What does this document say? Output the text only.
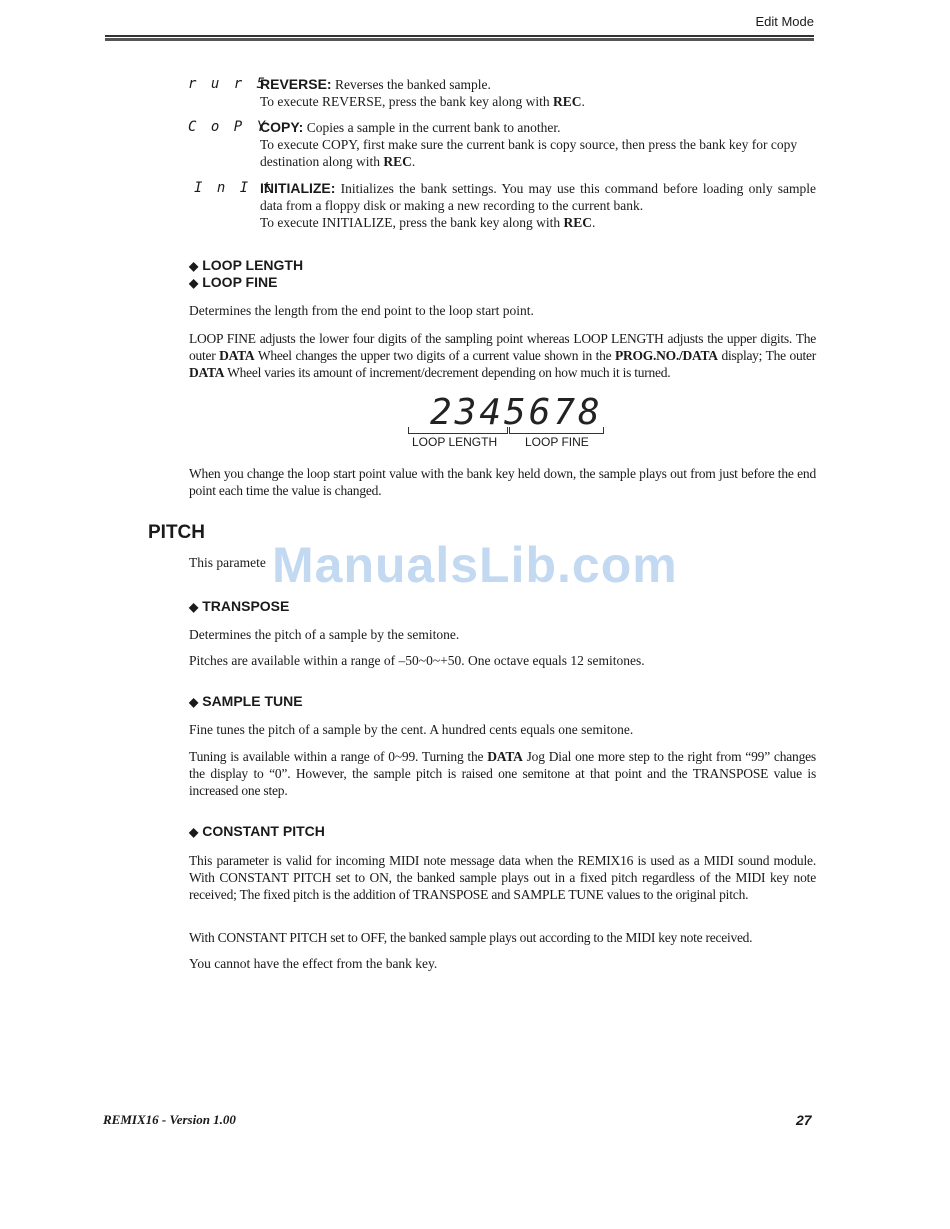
Edit Mode
r u r 5
REVERSE: Reverses the banked sample.
To execute REVERSE, press the bank key along with REC.
C o P Y
COPY: Copies a sample in the current bank to another.
To execute COPY, first make sure the current bank is copy source, then press the bank key for copy destination along with REC.
I n I t
INITIALIZE: Initializes the bank settings. You may use this command before loading only sample data from a floppy disk or making a new recording to the current bank.
To execute INITIALIZE, press the bank key along with REC.
◆ LOOP LENGTH
◆ LOOP FINE

Determines the length from the end point to the loop start point.

LOOP FINE adjusts the lower four digits of the sampling point whereas LOOP LENGTH adjusts the upper digits. The outer DATA Wheel changes the upper two digits of a current value shown in the PROG.NO./DATA display; The outer DATA Wheel varies its amount of increment/decrement depending on how much it is turned.

2345678
LOOP LENGTH LOOP FINE

When you change the loop start point value with the bank key held down, the sample plays out from just before the end point each time the value is changed.

PITCH

This paramete ManualsLib.com
◆ TRANSPOSE

Determines the pitch of a sample by the semitone.

Pitches are available within a range of –50~0~+50. One octave equals 12 semitones.

◆ SAMPLE TUNE

Fine tunes the pitch of a sample by the cent. A hundred cents equals one semitone.

Tuning is available within a range of 0~99. Turning the DATA Jog Dial one more step to the right from “99” changes the display to “0”. However, the sample pitch is raised one semitone at that point and the TRANSPOSE value is increased one step.

◆ CONSTANT PITCH

This parameter is valid for incoming MIDI note message data when the REMIX16 is used as a MIDI sound module. With CONSTANT PITCH set to ON, the banked sample plays out in a fixed pitch regardless of the MIDI key note received; The fixed pitch is the addition of TRANSPOSE and SAMPLE TUNE values to the original pitch.

With CONSTANT PITCH set to OFF, the banked sample plays out according to the MIDI key note received.

You cannot have the effect from the bank key.

REMIX16 - Version 1.00	27
